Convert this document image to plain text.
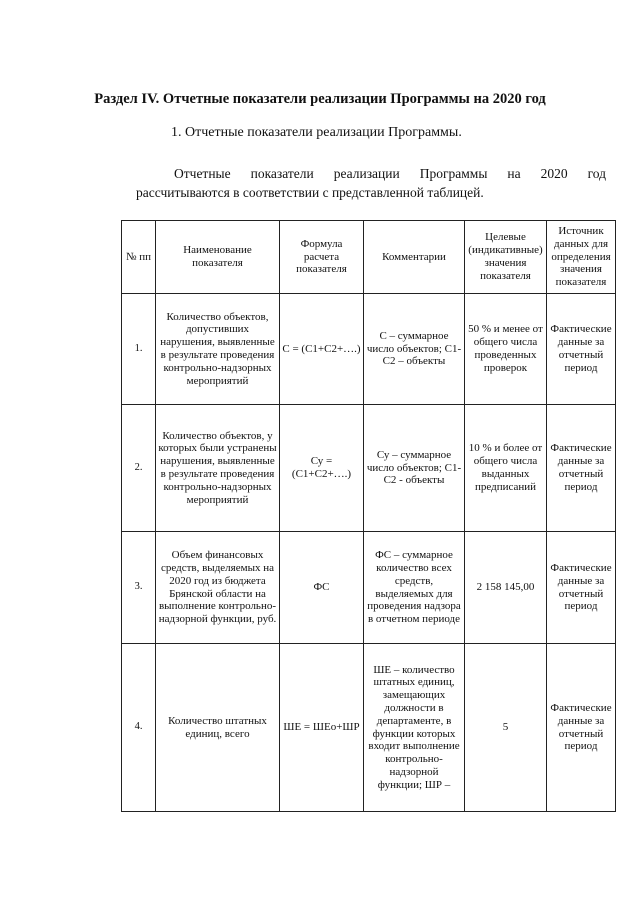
Раздел IV. Отчетные показатели реализации Программы на 2020 год
1. Отчетные показатели реализации Программы.
Отчетные показатели реализации Программы на 2020 год
рассчитываются в соответствии с представленной таблицей.
№ пп	Наименование показателя	Формула расчета показателя	Комментарии	Целевые (индикативные) значения показателя	Источник данных для определения значения показателя
1.	Количество объектов, допустивших нарушения, выявленные в результате проведения контрольно-надзорных мероприятий	С = (С1+С2+….)	С – суммарное число объектов; С1-С2 – объекты	50 % и менее от общего числа проведенных проверок	Фактические данные за отчетный период
2.	Количество объектов, у которых были устранены нарушения, выявленные в результате проведения контрольно-надзорных мероприятий	Су = (С1+С2+….)	Су – суммарное число объектов; С1-С2 - объекты	10 % и более от общего числа выданных предписаний	Фактические данные за отчетный период
3.	Объем финансовых средств, выделяемых на 2020 год из бюджета Брянской области на выполнение контрольно-надзорной функции, руб.	ФС	ФС – суммарное количество всех средств, выделяемых для проведения надзора в отчетном периоде	2 158 145,00	Фактические данные за отчетный период
4.	Количество штатных единиц, всего	ШЕ = ШЕо+ШР	ШЕ – количество штатных единиц, замещающих должности в департаменте, в функции которых входит выполнение контрольно-надзорной функции; ШР –	5	Фактические данные за отчетный период
